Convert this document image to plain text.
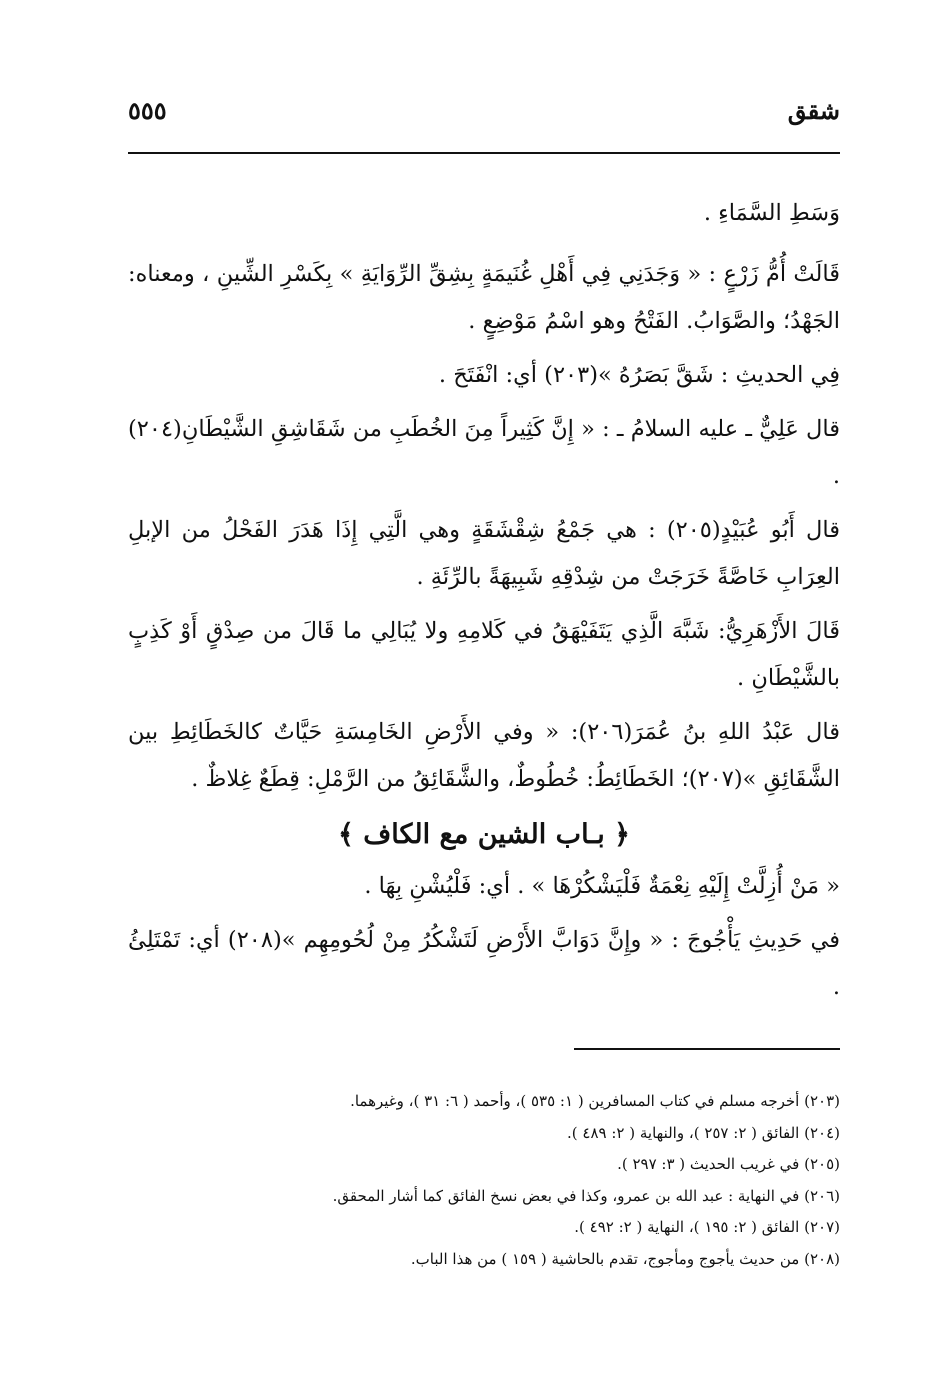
٥٥٥	شقق

وَسَطِ السَّمَاءِ .

قَالَتْ أُمُّ زَرْعٍ : « وَجَدَنِي فِي أَهْلِ غُنَيمَةٍ بِشِقِّ الرِّوَايَةِ » بِكَسْرِ الشِّينِ ، ومعناه: الجَهْدُ؛ والصَّوَابُ. الفَتْحُ وهو اسْمُ مَوْضِعٍ .

فِي الحديثِ : شَقَّ بَصَرُهُ »(٢٠٣) أي: انْفَتَحَ .

قال عَلِيٌّ ـ عليه السلامُ ـ : « إِنَّ كَثِيراً مِنَ الخُطَبِ من شَقَاشِقِ الشَّيْطَانِ(٢٠٤) .

قال أَبُو عُبَيْدٍ(٢٠٥) : هي جَمْعُ شِقْشَقَةٍ وهي الَّتِي إِذَا هَدَرَ الفَحْلُ من الإبلِ العِرَابِ خَاصَّةً خَرَجَتْ من شِدْقِهِ شَبِيهَةً بالرِّئَةِ .

قَالَ الأَزْهَرِيُّ: شَبَّهَ الَّذِي يَتَفَيْهَقُ في كَلامِهِ ولا يُبَالِي ما قَالَ من صِدْقٍ أَوْ كَذِبٍ بالشَّيْطَانِ .

قال عَبْدُ اللهِ بنُ عُمَرَ(٢٠٦): « وفي الأَرْضِ الخَامِسَةِ حَيَّاتٌ كالخَطَائِطِ بين الشَّقَائِقِ »(٢٠٧)؛ الخَطَائِطُ: خُطُوطٌ، والشَّقَائِقُ من الرَّمْلِ: قِطَعٌ غِلاظٌ .

﴿ بـاب الشين مع الكاف ﴾

« مَنْ أُزِلَّتْ إِلَيْهِ نِعْمَةٌ فَلْيَشْكُرْهَا » . أي: فَلْيُشْنِ بِهَا .

في حَدِيثِ يَأْجُوجَ : « وإِنَّ دَوَابَّ الأَرْضِ لَتَشْكُرُ مِنْ لُحُومِهِم »(٢٠٨) أي: تَمْتَلِئُ .

(٢٠٣) أخرجه مسلم في كتاب المسافرين ( ١: ٥٣٥ )، وأحمد ( ٦: ٣١ )، وغيرهما.

(٢٠٤) الفائق ( ٢: ٢٥٧ )، والنهاية ( ٢: ٤٨٩ ).

(٢٠٥) في غريب الحديث ( ٣: ٢٩٧ ).

(٢٠٦) في النهاية : عبد الله بن عمرو، وكذا في بعض نسخ الفائق كما أشار المحقق.

(٢٠٧) الفائق ( ٢: ١٩٥ )، النهاية ( ٢: ٤٩٢ ).

(٢٠٨) من حديث يأجوج ومأجوج، تقدم بالحاشية ( ١٥٩ ) من هذا الباب.
